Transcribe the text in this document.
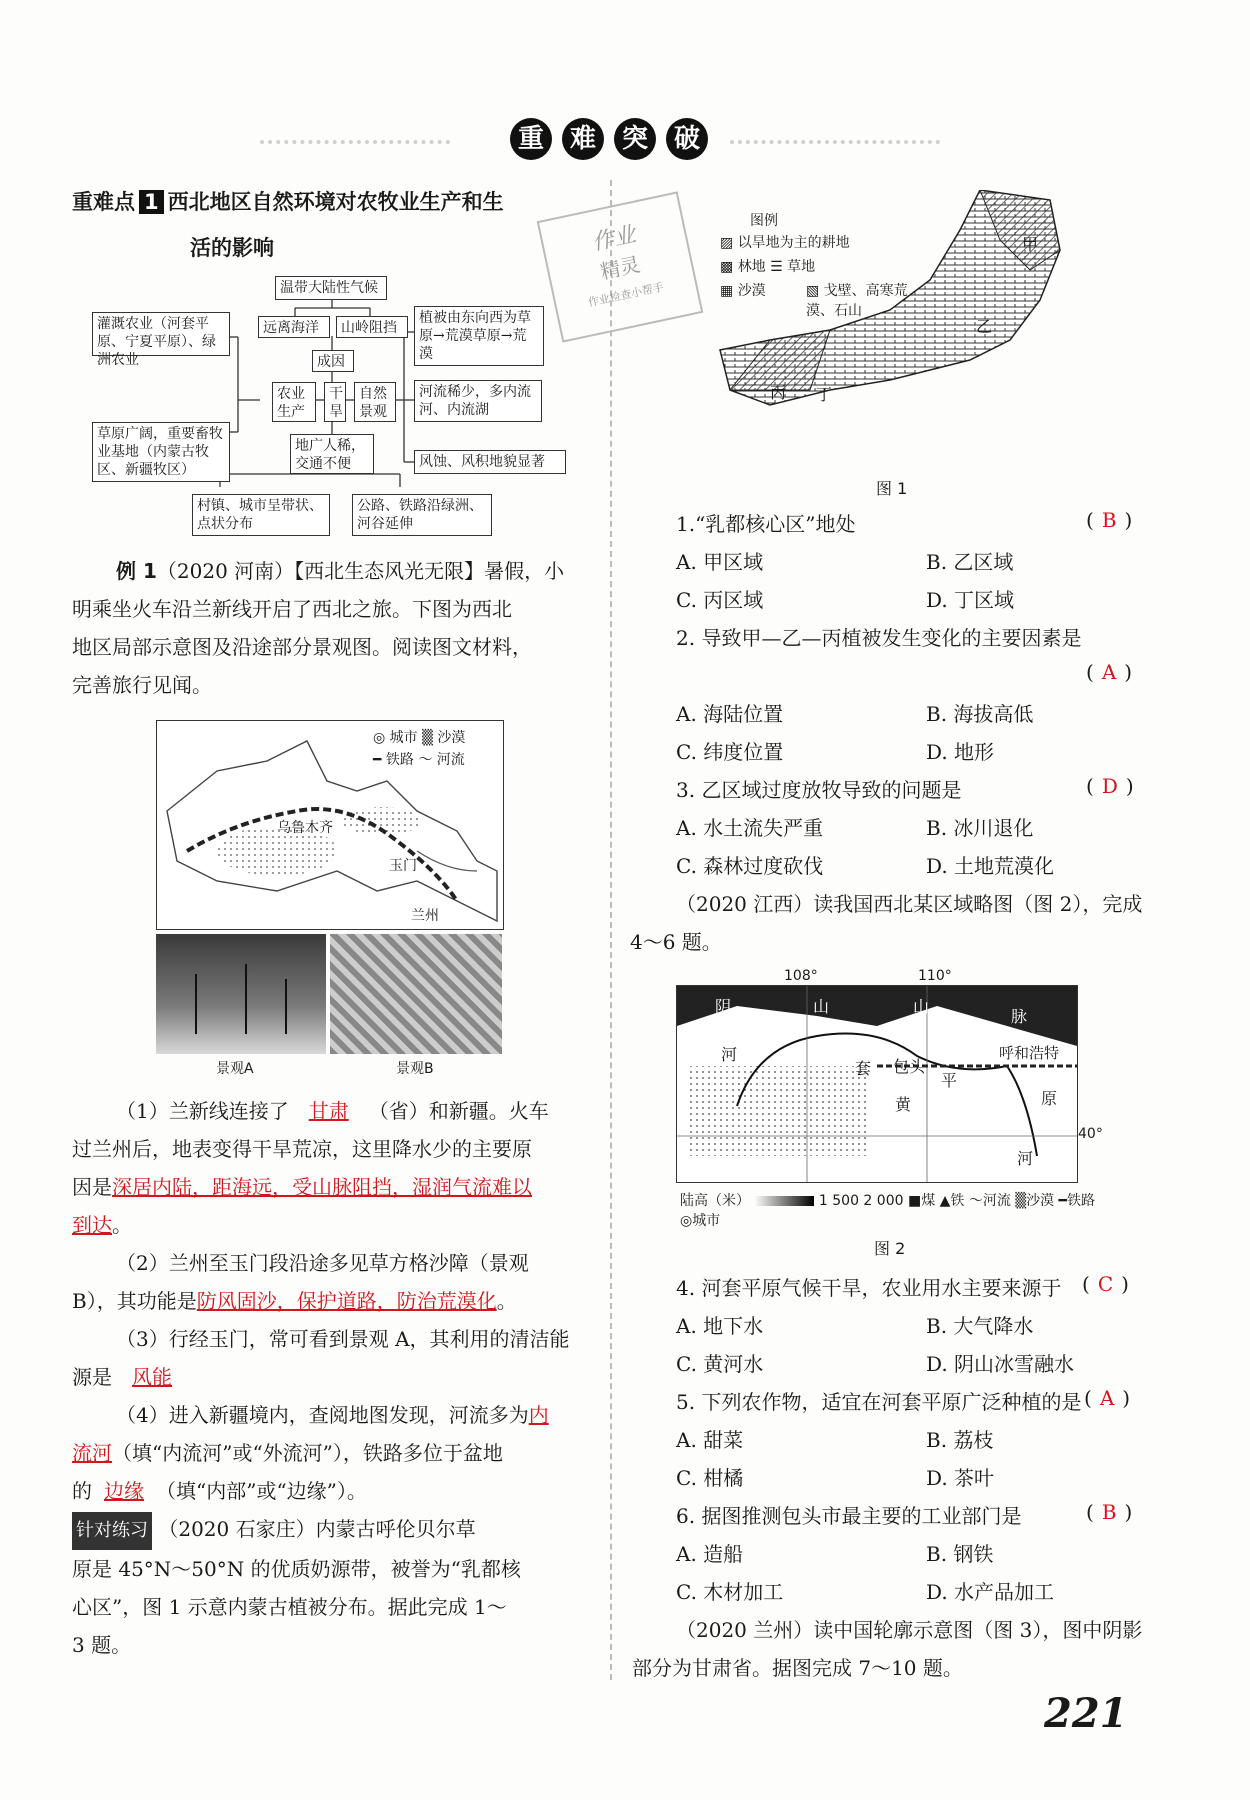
重 难 突 破
重难点 1 西北地区自然环境对农牧业生产和生
活的影响	作业
精灵
作业检查小帮手
温带大陆性气候
远离海洋	山岭阻挡
成因
灌溉农业（河套平原、宁夏平原）、绿洲农业
农业生产
干旱
自然景观
植被由东向西为草原→荒漠草原→荒漠
河流稀少，多内流河、内流湖
草原广阔，重要畜牧业基地（内蒙古牧区、新疆牧区）
地广人稀，交通不便	风蚀、风积地貌显著
村镇、城市呈带状、点状分布
公路、铁路沿绿洲、河谷延伸
例 1（2020 河南）【西北生态风光无限】暑假，小
明乘坐火车沿兰新线开启了西北之旅。下图为西北
地区局部示意图及沿途部分景观图。阅读图文材料，
完善旅行见闻。
◎ 城市 ▒ 沙漠
━ 铁路 ～ 河流
乌鲁木齐
玉门
兰州
景观A	景观B
（1）兰新线连接了 甘肃 （省）和新疆。火车
过兰州后，地表变得干旱荒凉，这里降水少的主要原
因是深居内陆，距海远，受山脉阻挡，湿润气流难以
到达。
（2）兰州至玉门段沿途多见草方格沙障（景观
B），其功能是防风固沙，保护道路，防治荒漠化。
（3）行经玉门，常可看到景观 A，其利用的清洁能
源是 风能
（4）进入新疆境内，查阅地图发现，河流多为内
流河（填“内流河”或“外流河”），铁路多位于盆地
的 边缘 （填“内部”或“边缘”）。
针对练习 （2020 石家庄）内蒙古呼伦贝尔草
原是 45°N～50°N 的优质奶源带，被誉为“乳都核
心区”，图 1 示意内蒙古植被分布。据此完成 1～
3 题。
图例
▨ 以旱地为主的耕地
▩ 林地 ☰ 草地
▦ 沙漠	▧ 戈壁、高寒荒漠、石山
甲
乙
丙 丁
图 1
1.“乳都核心区”地处	( B )
A. 甲区域	B. 乙区域
C. 丙区域	D. 丁区域
2. 导致甲—乙—丙植被发生变化的主要因素是
( A )
A. 海陆位置	B. 海拔高低
C. 纬度位置	D. 地形
3. 乙区域过度放牧导致的问题是	( D )
A. 水土流失严重	B. 冰川退化
C. 森林过度砍伐	D. 土地荒漠化
（2020 江西）读我国西北某区域略图（图 2），完成
4～6 题。
阴	山	山
脉
河
套 包头
平
黄
河
呼和浩特
原
108°	110°
40°
陆高（米）	1 500 2 000 ■煤 ▲铁 ～河流 ▒沙漠 ━铁路 ◎城市
图 2
4. 河套平原气候干旱，农业用水主要来源于 ( C )
A. 地下水	B. 大气降水
C. 黄河水	D. 阴山冰雪融水
5. 下列农作物，适宜在河套平原广泛种植的是 ( A )
A. 甜菜	B. 荔枝
C. 柑橘	D. 茶叶
6. 据图推测包头市最主要的工业部门是	( B )
A. 造船	B. 钢铁
C. 木材加工	D. 水产品加工
（2020 兰州）读中国轮廓示意图（图 3），图中阴影
部分为甘肃省。据图完成 7～10 题。
221
